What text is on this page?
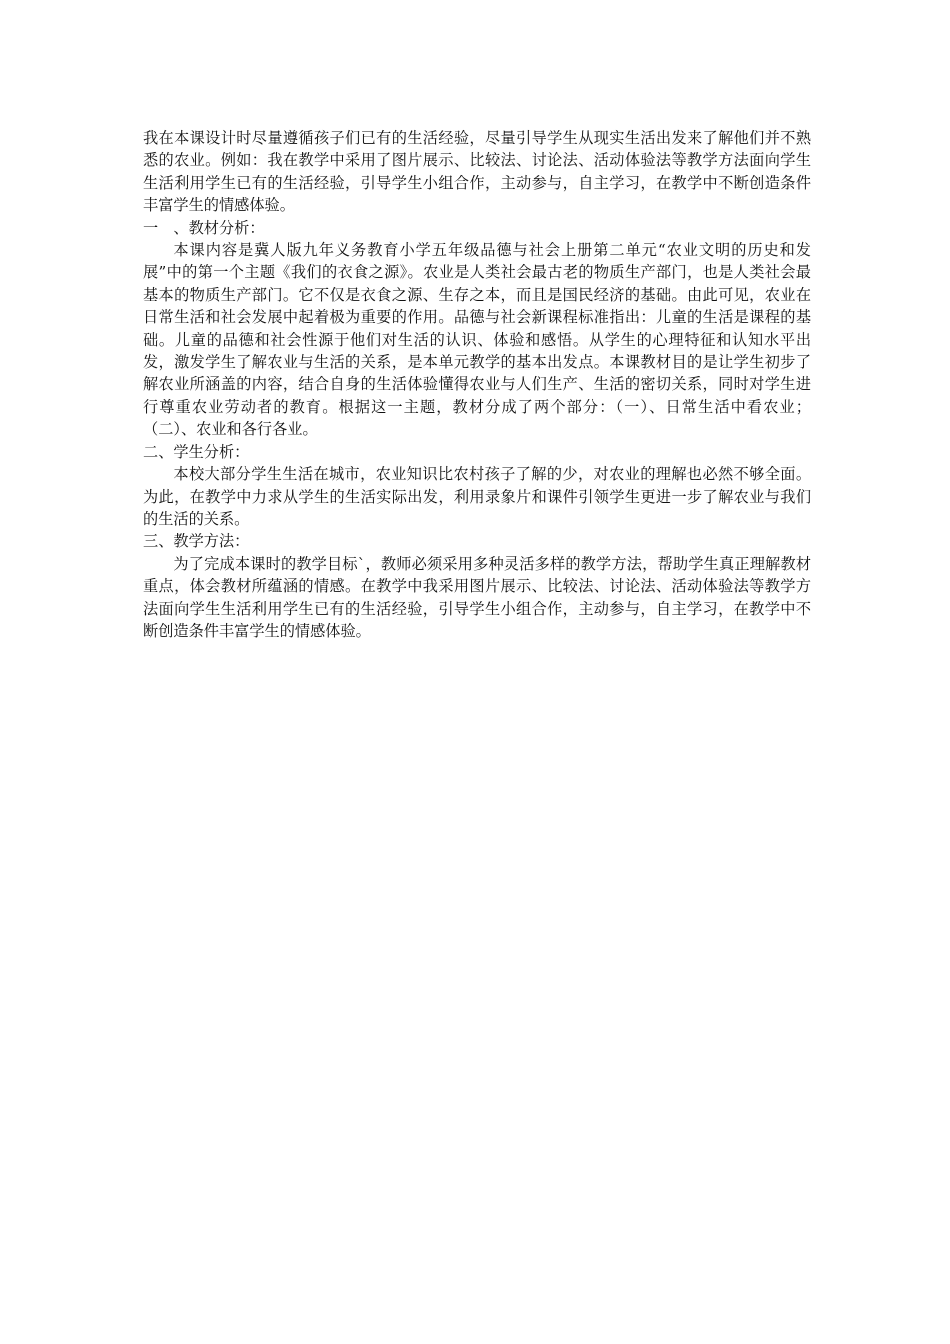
我在本课设计时尽量遵循孩子们已有的生活经验，尽量引导学生从现实生活出发来了解他们并不熟悉的农业。例如：我在教学中采用了图片展示、比较法、讨论法、活动体验法等教学方法面向学生生活利用学生已有的生活经验，引导学生小组合作，主动参与，自主学习，在教学中不断创造条件丰富学生的情感体验。

一　、教材分析：

本课内容是冀人版九年义务教育小学五年级品德与社会上册第二单元“农业文明的历史和发展”中的第一个主题《我们的衣食之源》。农业是人类社会最古老的物质生产部门，也是人类社会最基本的物质生产部门。它不仅是衣食之源、生存之本，而且是国民经济的基础。由此可见，农业在日常生活和社会发展中起着极为重要的作用。品德与社会新课程标准指出：儿童的生活是课程的基础。儿童的品德和社会性源于他们对生活的认识、体验和感悟。从学生的心理特征和认知水平出发，激发学生了解农业与生活的关系，是本单元教学的基本出发点。本课教材目的是让学生初步了解农业所涵盖的内容，结合自身的生活体验懂得农业与人们生产、生活的密切关系，同时对学生进行尊重农业劳动者的教育。根据这一主题，教材分成了两个部分：（一）、日常生活中看农业；（二）、农业和各行各业。

二、学生分析：

本校大部分学生生活在城市，农业知识比农村孩子了解的少，对农业的理解也必然不够全面。为此，在教学中力求从学生的生活实际出发，利用录象片和课件引领学生更进一步了解农业与我们的生活的关系。

三、教学方法：

为了完成本课时的教学目标`，教师必须采用多种灵活多样的教学方法，帮助学生真正理解教材重点，体会教材所蕴涵的情感。在教学中我采用图片展示、比较法、讨论法、活动体验法等教学方法面向学生生活利用学生已有的生活经验，引导学生小组合作，主动参与，自主学习，在教学中不断创造条件丰富学生的情感体验。
